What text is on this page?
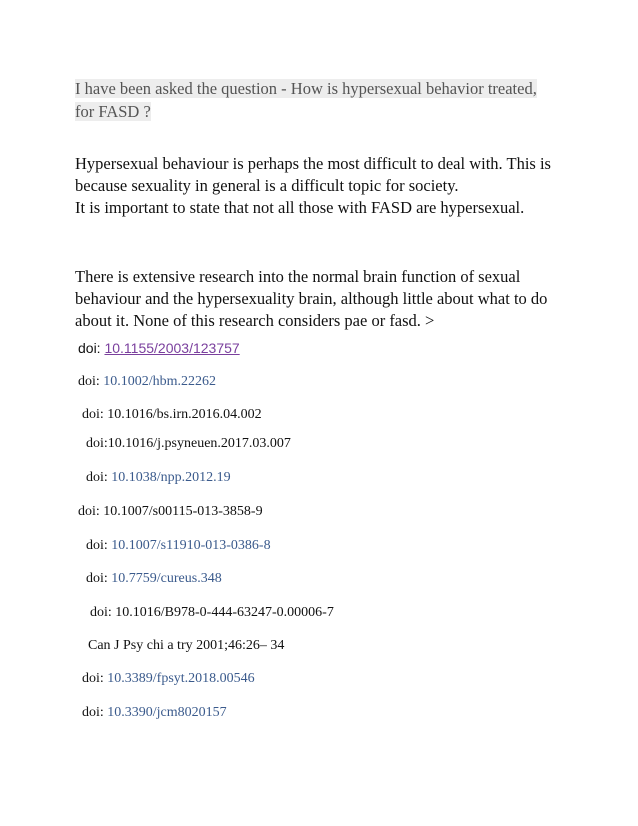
I have been asked the question - How is hypersexual behavior treated, for FASD ?
Hypersexual behaviour is perhaps the most difficult to deal with. This is
because sexuality in general is a difficult topic for society.
It is important to state that not all those with FASD are hypersexual.
There is extensive research into the normal brain function of sexual
behaviour and the hypersexuality brain, although little about what to do
about it. None of this research considers pae or fasd. >
doi: 10.1155/2003/123757
doi: 10.1002/hbm.22262
doi: 10.1016/bs.irn.2016.04.002
doi:10.1016/j.psyneuen.2017.03.007
doi: 10.1038/npp.2012.19
doi: 10.1007/s00115-013-3858-9
doi: 10.1007/s11910-013-0386-8
doi: 10.7759/cureus.348
doi: 10.1016/B978-0-444-63247-0.00006-7
Can J Psy chi a try 2001;46:26– 34
doi: 10.3389/fpsyt.2018.00546
doi: 10.3390/jcm8020157
